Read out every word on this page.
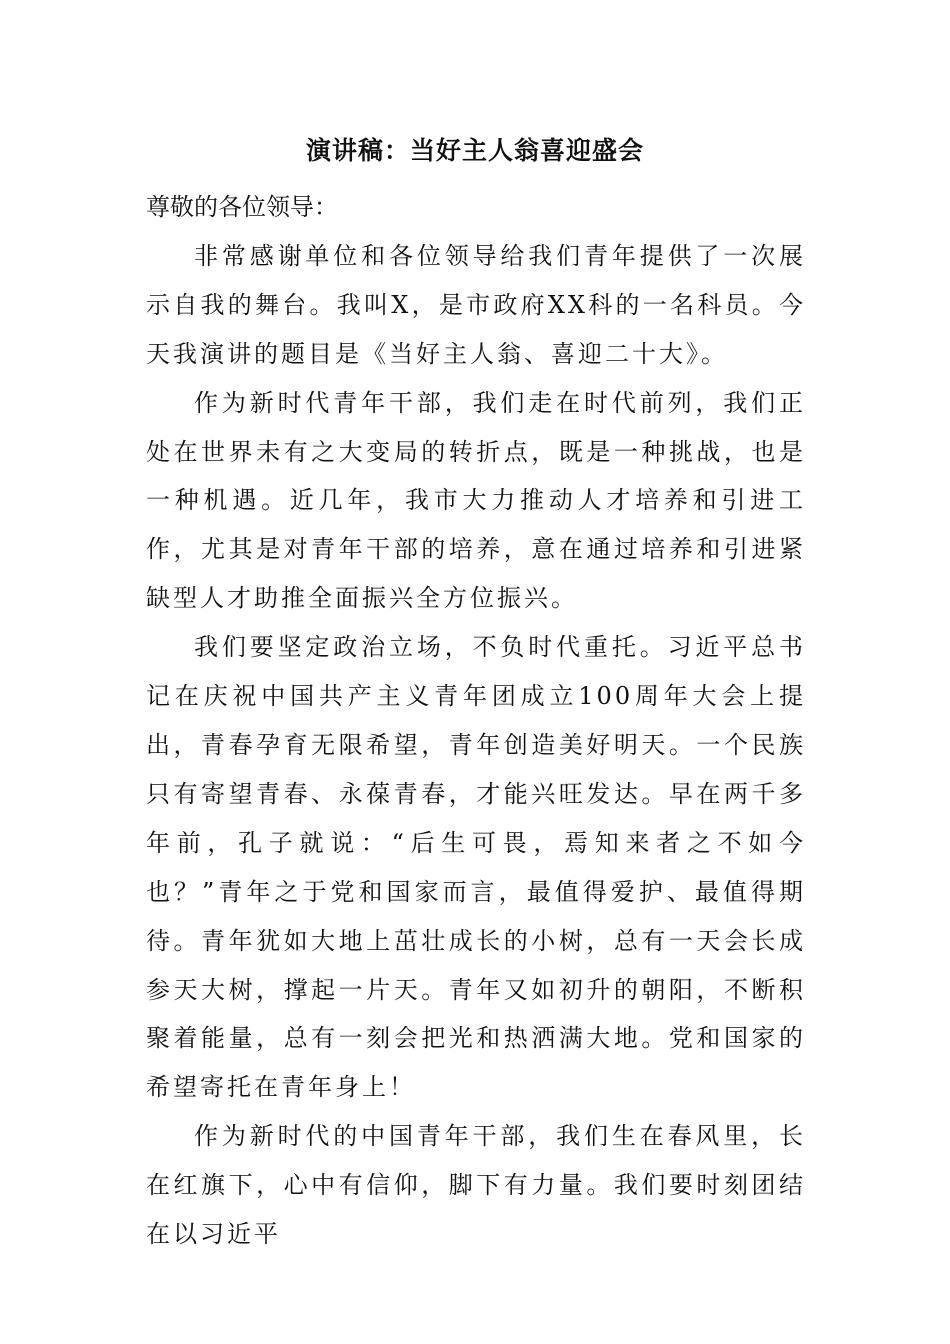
演讲稿：当好主人翁喜迎盛会

尊敬的各位领导：

非常感谢单位和各位领导给我们青年提供了一次展示自我的舞台。我叫X，是市政府XX科的一名科员。今天我演讲的题目是《当好主人翁、喜迎二十大》。

作为新时代青年干部，我们走在时代前列，我们正处在世界未有之大变局的转折点，既是一种挑战，也是一种机遇。近几年，我市大力推动人才培养和引进工作，尤其是对青年干部的培养，意在通过培养和引进紧缺型人才助推全面振兴全方位振兴。

我们要坚定政治立场，不负时代重托。习近平总书记在庆祝中国共产主义青年团成立100周年大会上提出，青春孕育无限希望，青年创造美好明天。一个民族只有寄望青春、永葆青春，才能兴旺发达。早在两千多年前，孔子就说：“后生可畏，焉知来者之不如今也？”青年之于党和国家而言，最值得爱护、最值得期待。青年犹如大地上茁壮成长的小树，总有一天会长成参天大树，撑起一片天。青年又如初升的朝阳，不断积聚着能量，总有一刻会把光和热洒满大地。党和国家的希望寄托在青年身上！

作为新时代的中国青年干部，我们生在春风里，长在红旗下，心中有信仰，脚下有力量。我们要时刻团结在以习近平
